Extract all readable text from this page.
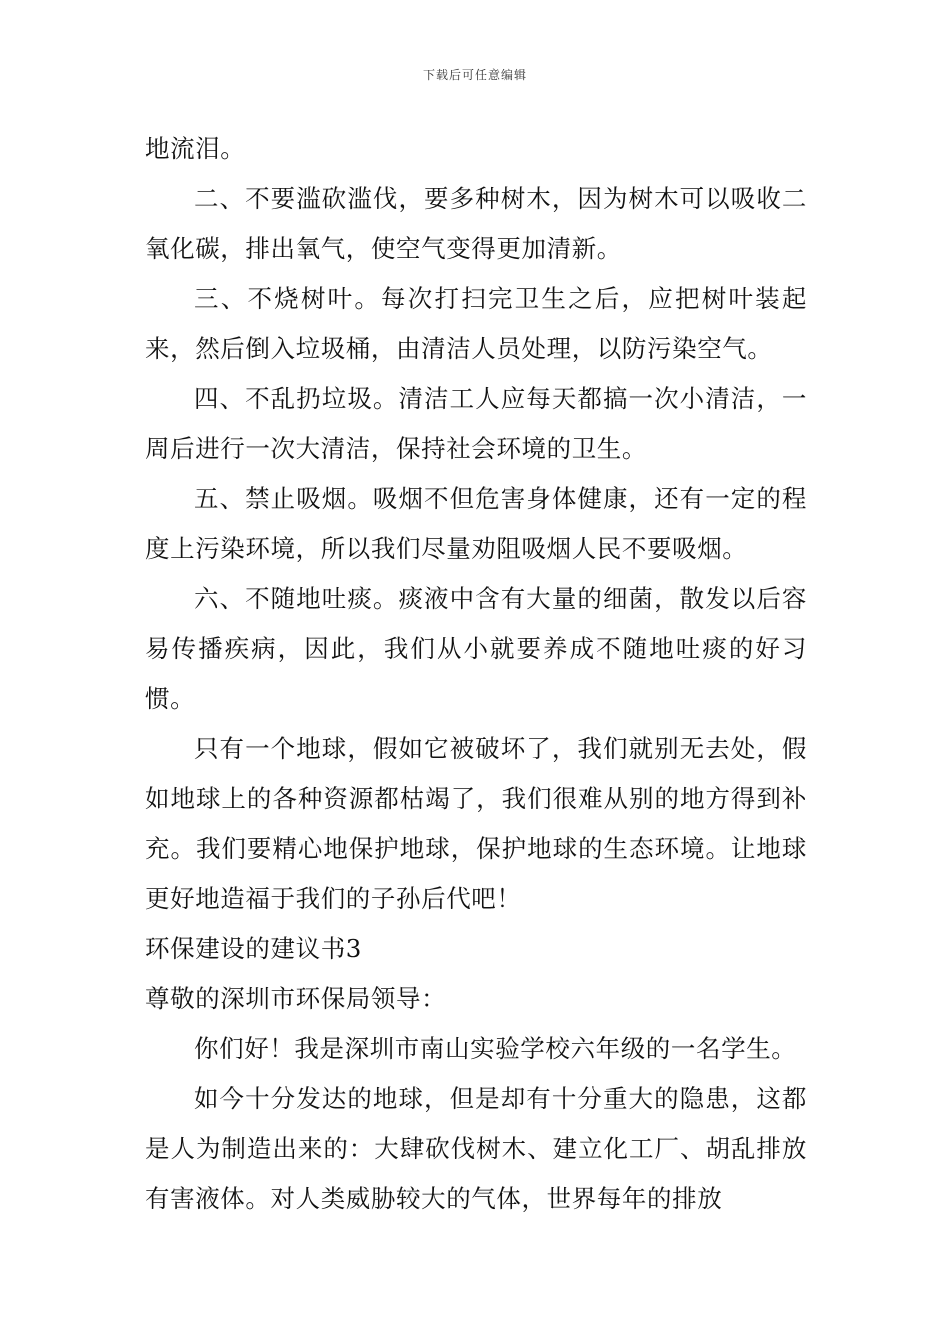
下载后可任意编辑

地流泪。

二、不要滥砍滥伐，要多种树木，因为树木可以吸收二氧化碳，排出氧气，使空气变得更加清新。

三、不烧树叶。每次打扫完卫生之后，应把树叶装起来，然后倒入垃圾桶，由清洁人员处理，以防污染空气。

四、不乱扔垃圾。清洁工人应每天都搞一次小清洁，一周后进行一次大清洁，保持社会环境的卫生。

五、禁止吸烟。吸烟不但危害身体健康，还有一定的程度上污染环境，所以我们尽量劝阻吸烟人民不要吸烟。

六、不随地吐痰。痰液中含有大量的细菌，散发以后容易传播疾病，因此，我们从小就要养成不随地吐痰的好习惯。

只有一个地球，假如它被破坏了，我们就别无去处，假如地球上的各种资源都枯竭了，我们很难从别的地方得到补充。我们要精心地保护地球，保护地球的生态环境。让地球更好地造福于我们的子孙后代吧！

环保建设的建议书3

尊敬的深圳市环保局领导：

你们好！我是深圳市南山实验学校六年级的一名学生。

如今十分发达的地球，但是却有十分重大的隐患，这都是人为制造出来的：大肆砍伐树木、建立化工厂、胡乱排放有害液体。对人类威胁较大的气体，世界每年的排放
